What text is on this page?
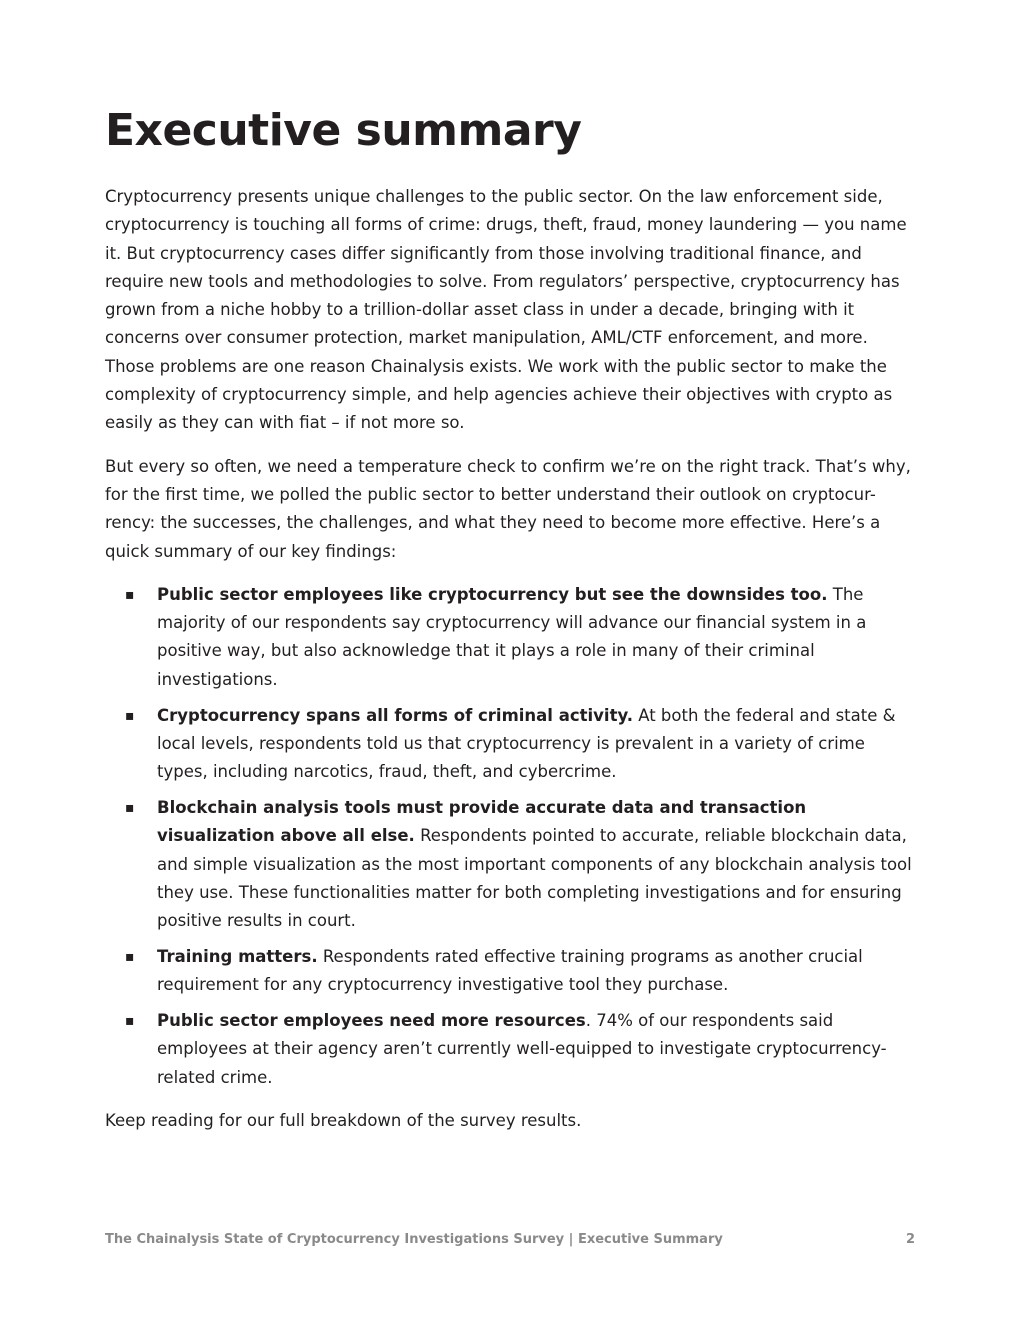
Executive summary

Cryptocurrency presents unique challenges to the public sector. On the law enforcement side, cryptocurrency is touching all forms of crime: drugs, theft, fraud, money laundering — you name it. But cryptocurrency cases differ significantly from those involving traditional finance, and require new tools and methodologies to solve. From regulators’ perspective, cryptocurrency has grown from a niche hobby to a trillion-dollar asset class in under a decade, bringing with it concerns over consumer protection, market manipulation, AML/CTF enforcement, and more. Those problems are one reason Chainalysis exists. We work with the public sector to make the complexity of cryptocurrency simple, and help agencies achieve their objectives with crypto as easily as they can with fiat – if not more so.

But every so often, we need a temperature check to confirm we’re on the right track. That’s why, for the first time, we polled the public sector to better understand their outlook on cryptocur-rency: the successes, the challenges, and what they need to become more effective. Here’s a quick summary of our key findings:

▪ Public sector employees like cryptocurrency but see the downsides too. The majority of our respondents say cryptocurrency will advance our financial system in a positive way, but also acknowledge that it plays a role in many of their criminal investigations.
▪ Cryptocurrency spans all forms of criminal activity. At both the federal and state & local levels, respondents told us that cryptocurrency is prevalent in a variety of crime types, including narcotics, fraud, theft, and cybercrime.
▪ Blockchain analysis tools must provide accurate data and transaction visualization above all else. Respondents pointed to accurate, reliable blockchain data, and simple visualization as the most important components of any blockchain analysis tool they use. These functionalities matter for both completing investigations and for ensuring positive results in court.
▪ Training matters. Respondents rated effective training programs as another crucial requirement for any cryptocurrency investigative tool they purchase.
▪ Public sector employees need more resources. 74% of our respondents said employees at their agency aren’t currently well-equipped to investigate cryptocurrency-related crime.

Keep reading for our full breakdown of the survey results.

The Chainalysis State of Cryptocurrency Investigations Survey | Executive Summary	2
